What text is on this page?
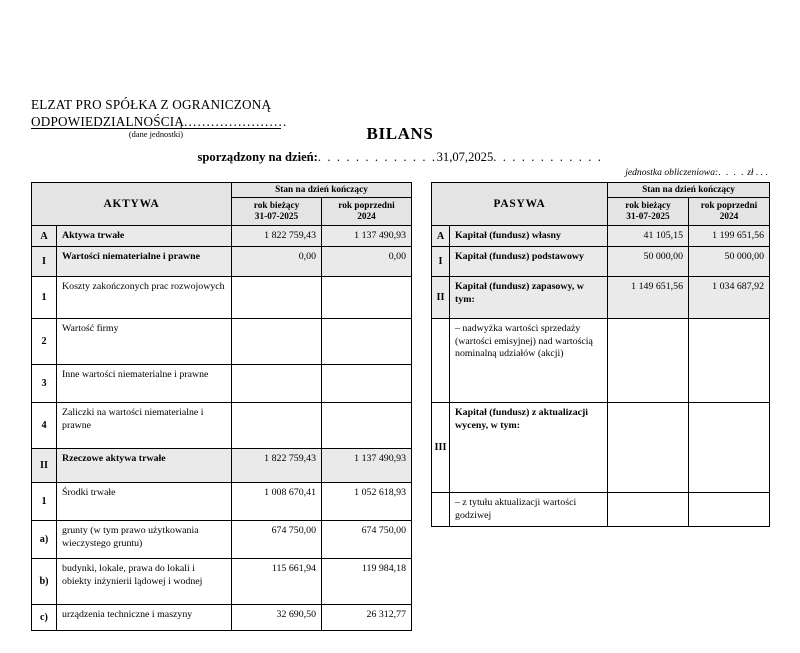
ELZAT PRO SPÓŁKA Z OGRANICZONĄ ODPOWIEDZIALNOŚCIĄ.......................
(dane jednostki)	BILANS
sporządzony na dzień:. . . . . . . . . . . . .31,07,2025. . . . . . . . . . . .
jednostka obliczeniowa:. . . . zł . . .
AKTYWA		Stan na dzień kończący	

rok bieżący
31-07-2025

rok poprzedni
2024

A	Aktywa trwałe	1 822 759,43	1 137 490,93
I	Wartości niematerialne i prawne	0,00	0,00
1	Koszty zakończonych prac rozwojowych		
2	Wartość firmy		
3	Inne wartości niematerialne i prawne		
4	Zaliczki na wartości niematerialne i prawne		
II	Rzeczowe aktywa trwałe	1 822 759,43	1 137 490,93
1	Środki trwałe	1 008 670,41	1 052 618,93
a)	grunty (w tym prawo użytkowania wieczystego gruntu)	674 750,00	674 750,00
b)	budynki, lokale, prawa do lokali i obiekty inżynierii lądowej i wodnej	115 661,94	119 984,18
c)	urządzenia techniczne i maszyny	32 690,50	26 312,77
PASYWA		Stan na dzień kończący	

rok bieżący
31-07-2025

rok poprzedni
2024

A	Kapitał (fundusz) własny	41 105,15	1 199 651,56
I	Kapitał (fundusz) podstawowy	50 000,00	50 000,00
II	Kapitał (fundusz) zapasowy, w tym:	1 149 651,56	1 034 687,92
	– nadwyżka wartości sprzedaży (wartości emisyjnej) nad wartością nominalną udziałów (akcji)		
III	Kapitał (fundusz) z aktualizacji wyceny, w tym:		
	– z tytułu aktualizacji wartości godziwej		
